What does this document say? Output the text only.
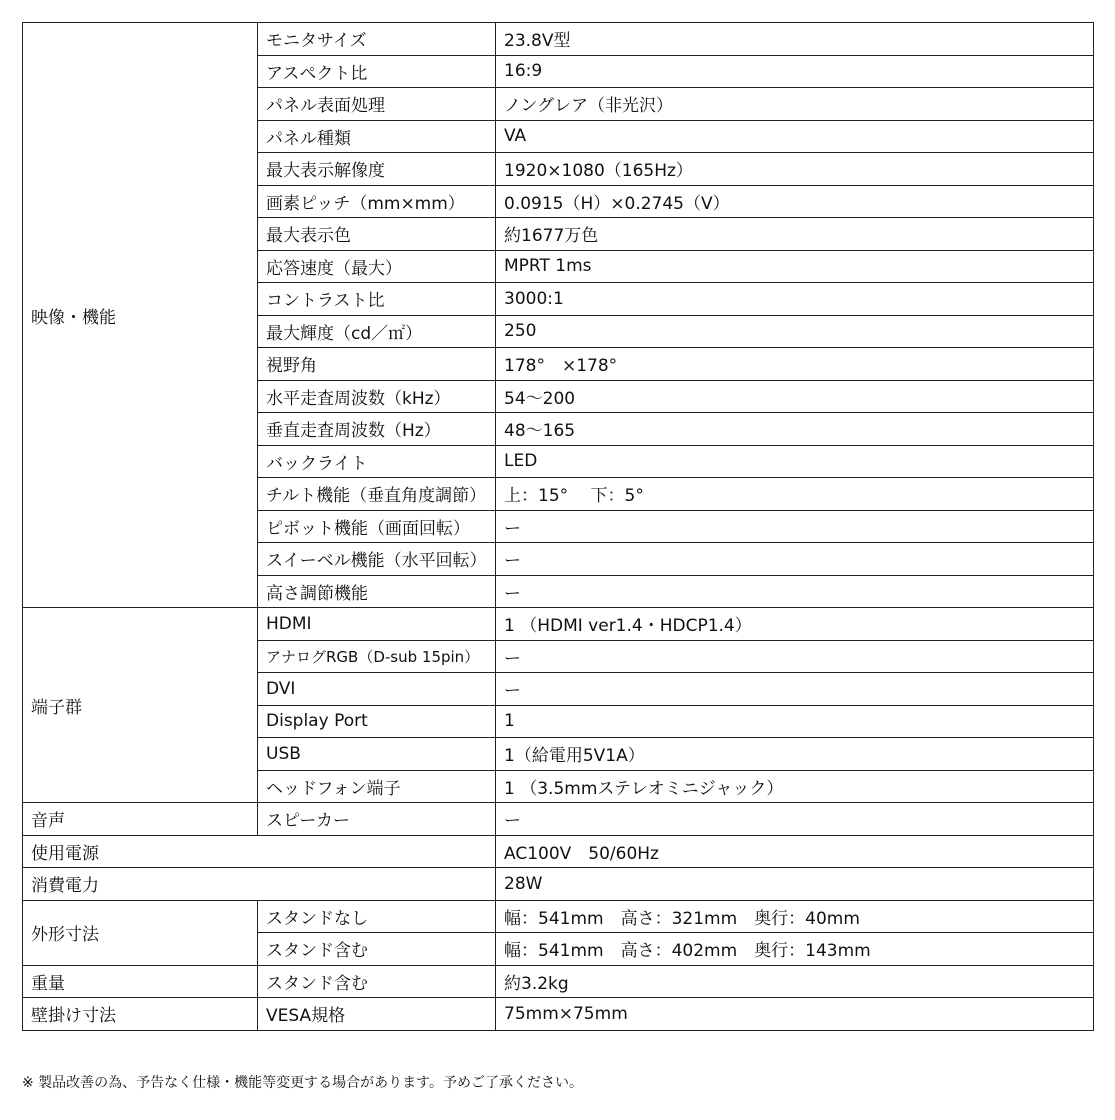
映像・機能	モニタサイズ	23.8V型
	アスペクト比	16:9
	パネル表面処理	ノングレア（非光沢）
	パネル種類	VA
	最大表示解像度	1920×1080（165Hz）
	画素ピッチ（mm×mm）	0.0915（H）×0.2745（V）
	最大表示色	約1677万色
	応答速度（最大）	MPRT 1ms
	コントラスト比	3000:1
	最大輝度（cd／㎡）	250
	視野角	178°　×178°
	水平走査周波数（kHz）	54〜200
	垂直走査周波数（Hz）	48〜165
	バックライト	LED
	チルト機能（垂直角度調節）	上：15°　 下：5°
	ピボット機能（画面回転）	ー
	スイーベル機能（水平回転）	ー
	高さ調節機能	ー
端子群	HDMI	1 （HDMI ver1.4・HDCP1.4）
	アナログRGB（D-sub 15pin）	ー
	DVI	ー
	Display Port	1
	USB	1（給電用5V1A）
	ヘッドフォン端子	1 （3.5mmステレオミニジャック）
音声	スピーカー	ー
使用電源		AC100V　50/60Hz
消費電力		28W
外形寸法	スタンドなし	幅：541mm　高さ：321mm　奥行：40mm
	スタンド含む	幅：541mm　高さ：402mm　奥行：143mm
重量	スタンド含む	約3.2kg
壁掛け寸法	VESA規格	75mm×75mm
※ 製品改善の為、予告なく仕様・機能等変更する場合があります。予めご了承ください。
